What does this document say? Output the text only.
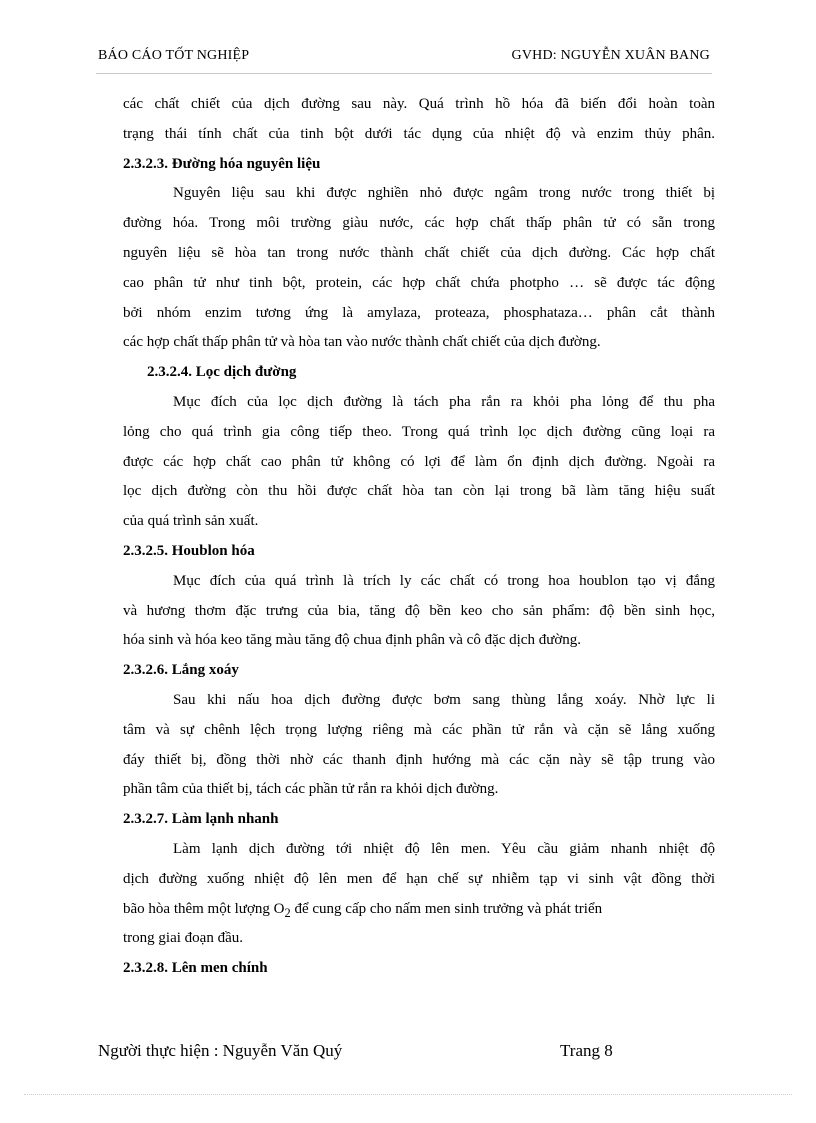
BÁO CÁO TỐT NGHIỆP	GVHD: NGUYỄN XUÂN BANG
các chất chiết của dịch đường sau này. Quá trình hồ hóa đã biến đổi hoàn toàn
trạng thái tính chất của tinh bột dưới tác dụng của nhiệt độ và enzim thủy phân.
2.3.2.3. Đường hóa nguyên liệu
Nguyên liệu sau khi được nghiền nhỏ được ngâm trong nước trong thiết bị
đường hóa. Trong môi trường giàu nước, các hợp chất thấp phân tử có sẵn trong
nguyên liệu sẽ hòa tan trong nước thành chất chiết của dịch đường. Các hợp chất
cao phân tử như tinh bột, protein, các hợp chất chứa photpho … sẽ được tác động
bởi nhóm enzim tương ứng là amylaza, proteaza, phosphataza… phân cắt thành
các hợp chất thấp phân tử và hòa tan vào nước thành chất chiết của dịch đường.
2.3.2.4. Lọc dịch đường
Mục đích của lọc dịch đường là tách pha rắn ra khỏi pha lỏng để thu pha
lỏng cho quá trình gia công tiếp theo. Trong quá trình lọc dịch đường cũng loại ra
được các hợp chất cao phân tử không có lợi để làm ổn định dịch đường. Ngoài ra
lọc dịch đường còn thu hồi được chất hòa tan còn lại trong bã làm tăng hiệu suất
của quá trình sản xuất.
2.3.2.5. Houblon hóa
Mục đích của quá trình là trích ly các chất có trong hoa houblon tạo vị đắng
và hương thơm đặc trưng của bia, tăng độ bền keo cho sản phẩm: độ bền sinh học,
hóa sinh và hóa keo tăng màu tăng độ chua định phân và cô đặc dịch đường.
2.3.2.6. Lắng xoáy
Sau khi nấu hoa dịch đường được bơm sang thùng lắng xoáy. Nhờ lực li
tâm và sự chênh lệch trọng lượng riêng mà các phần tử rắn và cặn sẽ lắng xuống
đáy thiết bị, đồng thời nhờ các thanh định hướng mà các cặn này sẽ tập trung vào
phần tâm của thiết bị, tách các phần tử rắn ra khỏi dịch đường.
2.3.2.7. Làm lạnh nhanh
Làm lạnh dịch đường tới nhiệt độ lên men. Yêu cầu giảm nhanh nhiệt độ
dịch đường xuống nhiệt độ lên men để hạn chế sự nhiễm tạp vi sinh vật đồng thời
bão hòa thêm một lượng $O_2$ để cung cấp cho nấm men sinh trưởng và phát triển
trong giai đoạn đầu.
2.3.2.8. Lên men chính
Người thực hiện : Nguyễn Văn Quý	Trang 8
